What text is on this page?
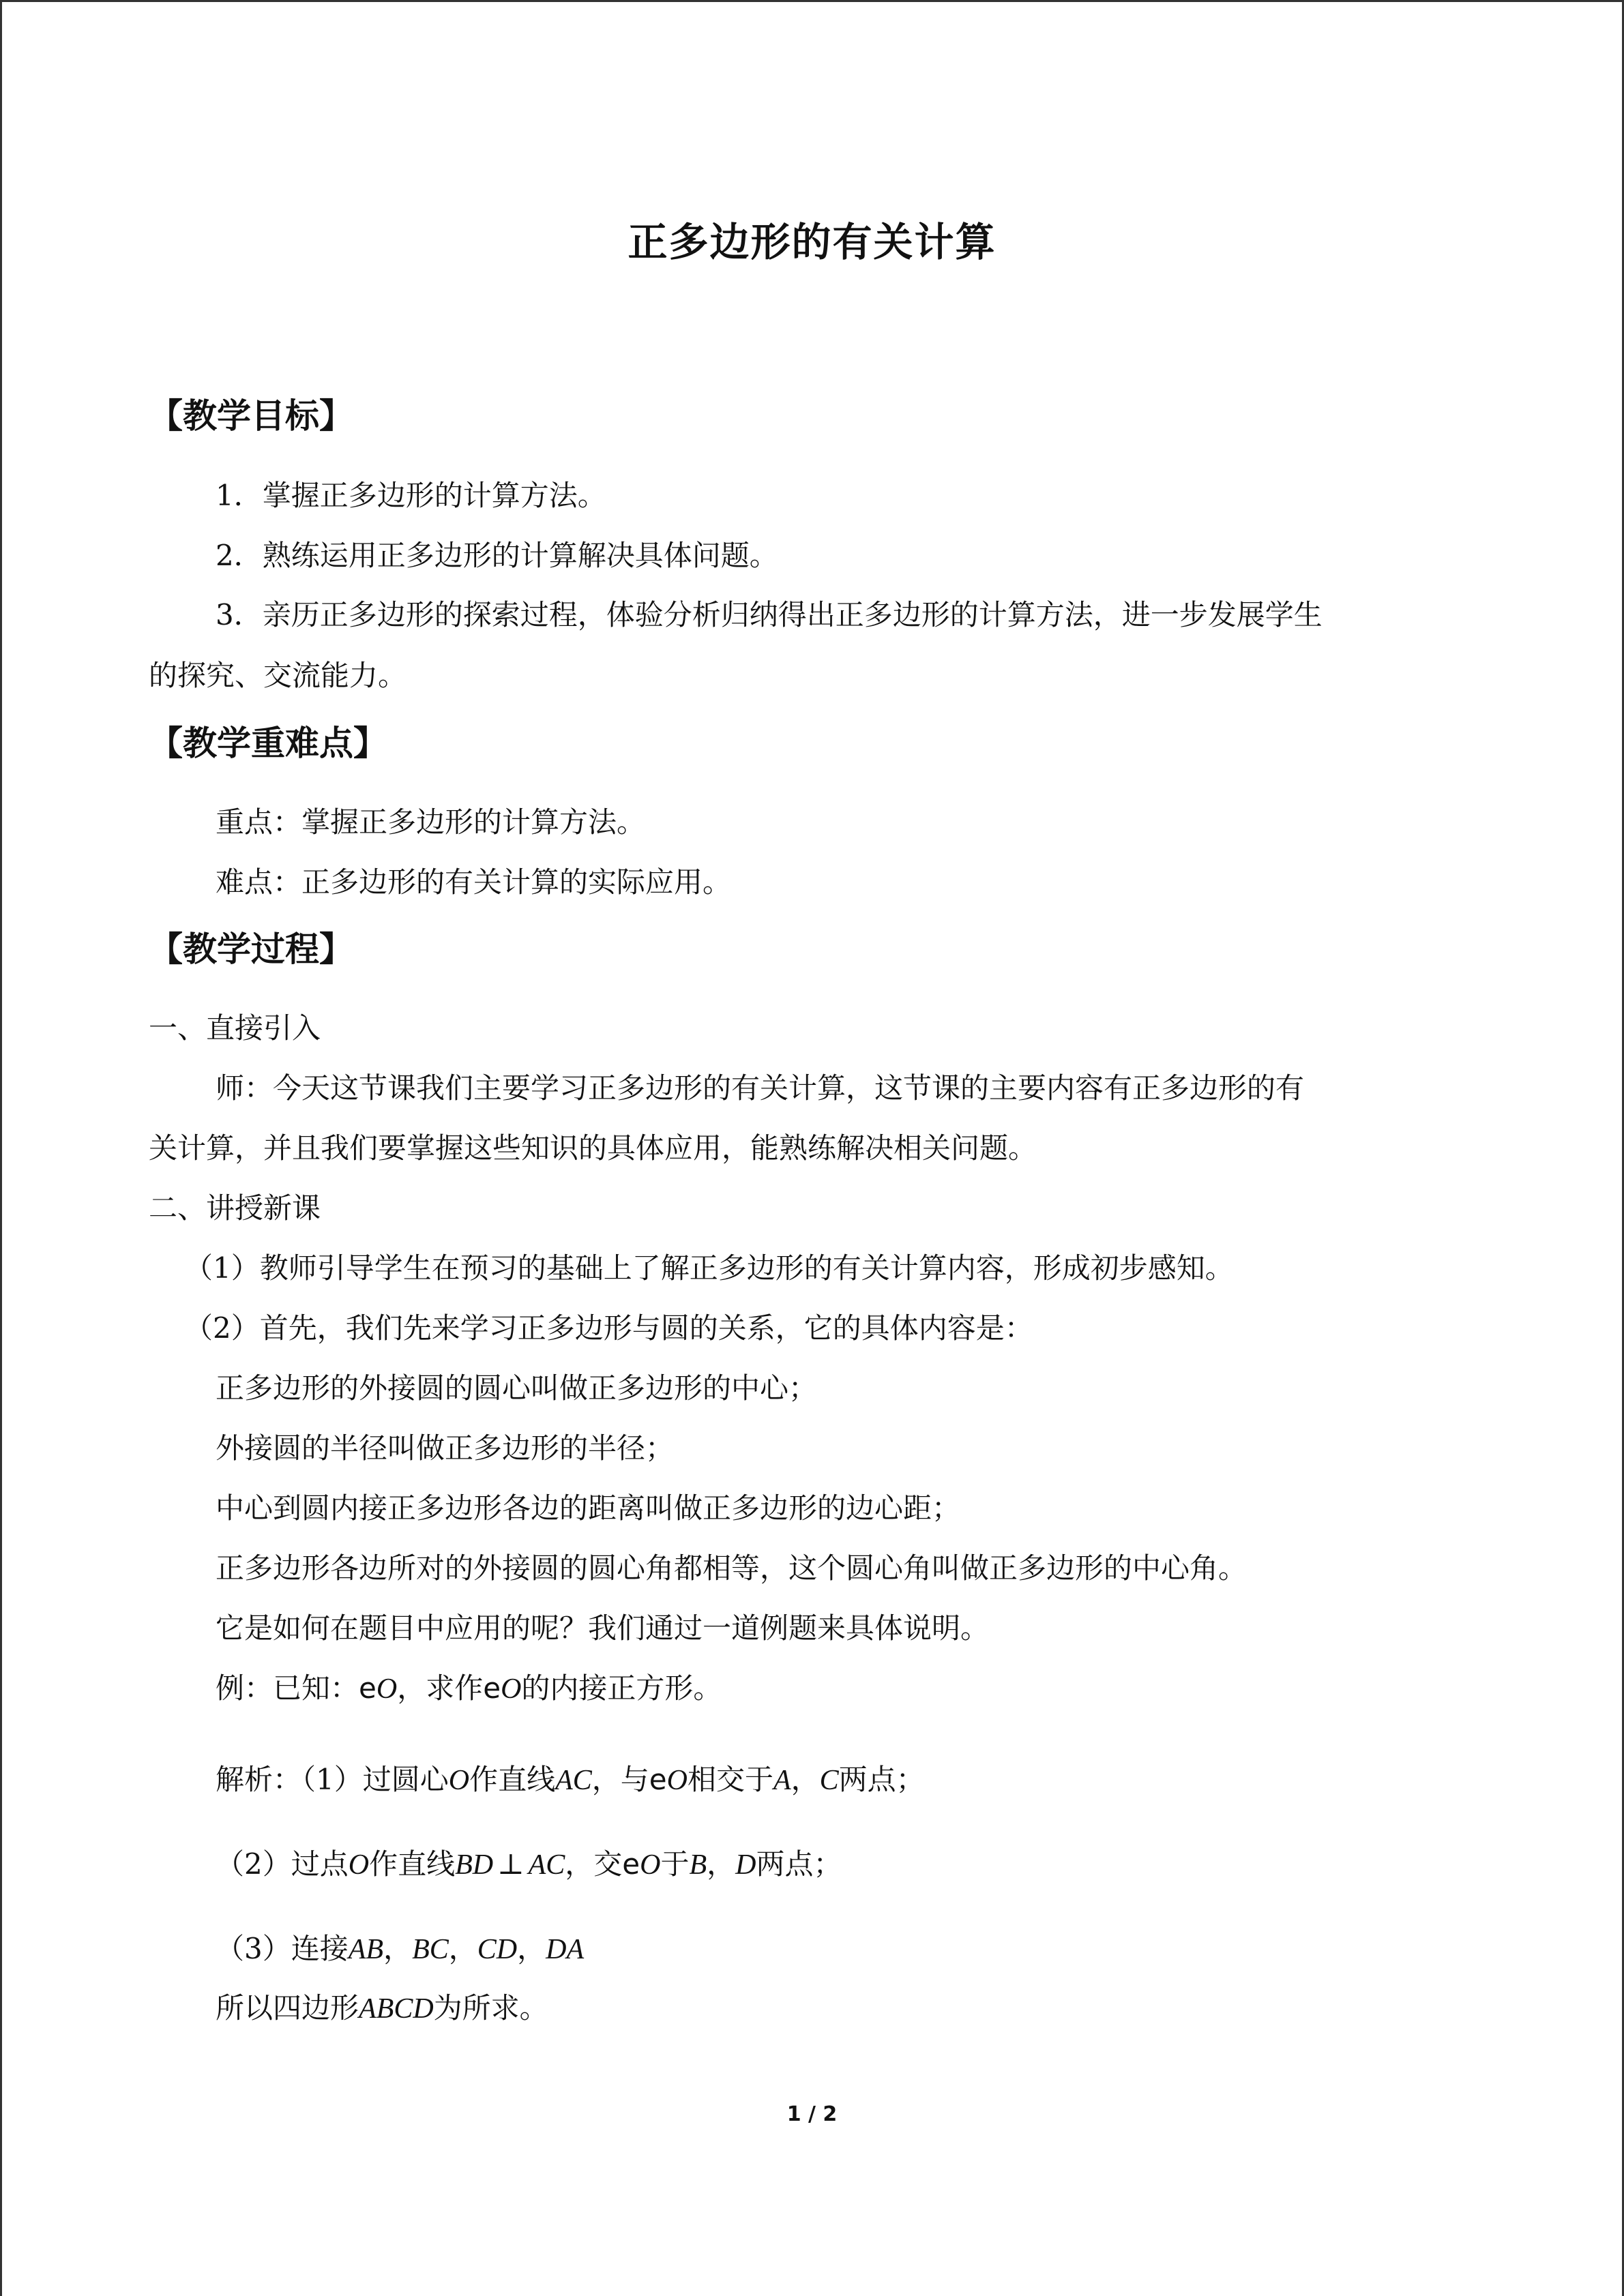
正多边形的有关计算
【教学目标】
1．掌握正多边形的计算方法。
2．熟练运用正多边形的计算解决具体问题。
3．亲历正多边形的探索过程，体验分析归纳得出正多边形的计算方法，进一步发展学生
的探究、交流能力。
【教学重难点】
重点：掌握正多边形的计算方法。
难点：正多边形的有关计算的实际应用。
【教学过程】
一、直接引入
师：今天这节课我们主要学习正多边形的有关计算，这节课的主要内容有正多边形的有
关计算，并且我们要掌握这些知识的具体应用，能熟练解决相关问题。
二、讲授新课
（1）教师引导学生在预习的基础上了解正多边形的有关计算内容，形成初步感知。
（2）首先，我们先来学习正多边形与圆的关系，它的具体内容是：
正多边形的外接圆的圆心叫做正多边形的中心；
外接圆的半径叫做正多边形的半径；
中心到圆内接正多边形各边的距离叫做正多边形的边心距；
正多边形各边所对的外接圆的圆心角都相等，这个圆心角叫做正多边形的中心角。
它是如何在题目中应用的呢？我们通过一道例题来具体说明。
例：已知：eO，求作eO的内接正方形。
解析：（1）过圆心O作直线AC，与eO相交于A，C两点；
（2）过点O作直线BD ⊥ AC，交eO于B，D两点；
（3）连接AB，BC，CD，DA
所以四边形ABCD为所求。
1 / 2
